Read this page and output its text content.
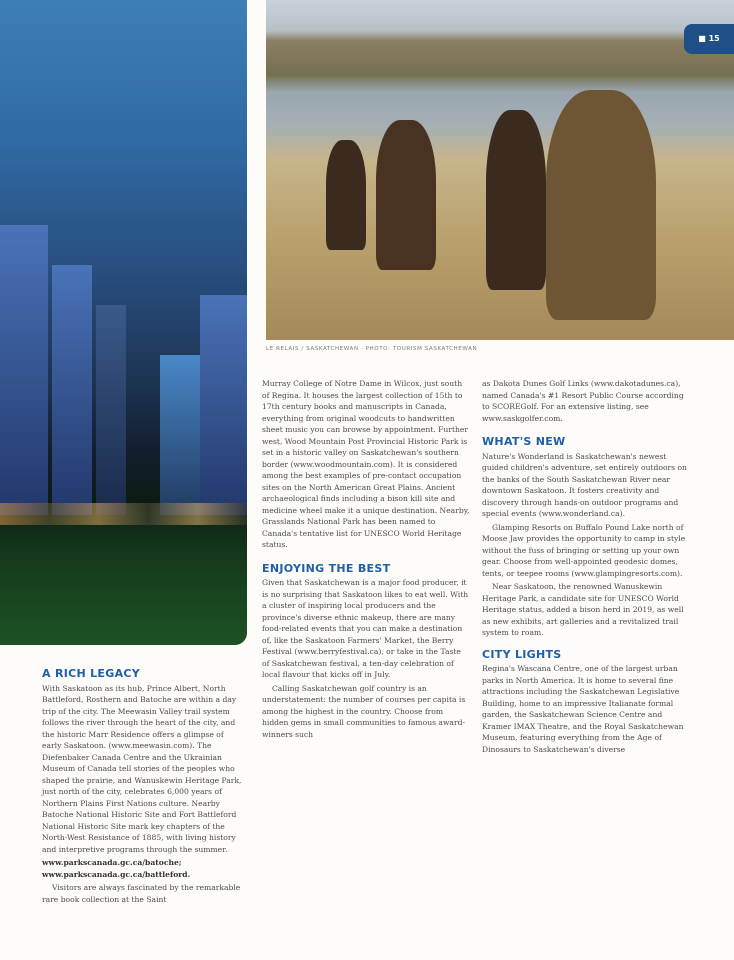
■ 15
LE RELAIS / SASKATCHEWAN · PHOTO: TOURISM SASKATCHEWAN
A RICH LEGACY

With Saskatoon as its hub, Prince Albert, North Battleford, Rosthern and Batoche are within a day trip of the city. The Meewasin Valley trail system follows the river through the heart of the city, and the historic Marr Residence offers a glimpse of early Saskatoon. (www.meewasin.com). The Diefenbaker Canada Centre and the Ukrainian Museum of Canada tell stories of the peoples who shaped the prairie, and Wanuskewin Heritage Park, just north of the city, celebrates 6,000 years of Northern Plains First Nations culture. Nearby Batoche National Historic Site and Fort Battleford National Historic Site mark key chapters of the North-West Resistance of 1885, with living history and interpretive programs through the summer.

www.parkscanada.gc.ca/batoche; www.parkscanada.gc.ca/battleford.

Visitors are always fascinated by the remarkable rare book collection at the Saint

Murray College of Notre Dame in Wilcox, just south of Regina. It houses the largest collection of 15th to 17th century books and manuscripts in Canada, everything from original woodcuts to handwritten sheet music you can browse by appointment. Further west, Wood Mountain Post Provincial Historic Park is set in a historic valley on Saskatchewan's southern border (www.woodmountain.com). It is considered among the best examples of pre-contact occupation sites on the North American Great Plains. Ancient archaeological finds including a bison kill site and medicine wheel make it a unique destination. Nearby, Grasslands National Park has been named to Canada's tentative list for UNESCO World Heritage status.

ENJOYING THE BEST

Given that Saskatchewan is a major food producer, it is no surprising that Saskatoon likes to eat well. With a cluster of inspiring local producers and the province's diverse ethnic makeup, there are many food-related events that you can make a destination of, like the Saskatoon Farmers' Market, the Berry Festival (www.berryfestival.ca), or take in the Taste of Saskatchewan festival, a ten-day celebration of local flavour that kicks off in July.

Calling Saskatchewan golf country is an understatement: the number of courses per capita is among the highest in the country. Choose from hidden gems in small communities to famous award-winners such

as Dakota Dunes Golf Links (www.dakotadunes.ca), named Canada's #1 Resort Public Course according to SCOREGolf. For an extensive listing, see www.saskgolfer.com.

WHAT'S NEW

Nature's Wonderland is Saskatchewan's newest guided children's adventure, set entirely outdoors on the banks of the South Saskatchewan River near downtown Saskatoon. It fosters creativity and discovery through hands-on outdoor programs and special events (www.wonderland.ca).

Glamping Resorts on Buffalo Pound Lake north of Moose Jaw provides the opportunity to camp in style without the fuss of bringing or setting up your own gear. Choose from well-appointed geodesic domes, tents, or teepee rooms (www.glampingresorts.com).

Near Saskatoon, the renowned Wanuskewin Heritage Park, a candidate site for UNESCO World Heritage status, added a bison herd in 2019, as well as new exhibits, art galleries and a revitalized trail system to roam.

CITY LIGHTS

Regina's Wascana Centre, one of the largest urban parks in North America. It is home to several fine attractions including the Saskatchewan Legislative Building, home to an impressive Italianate formal garden, the Saskatchewan Science Centre and Kramer IMAX Theatre, and the Royal Saskatchewan Museum, featuring everything from the Age of Dinosaurs to Saskatchewan's diverse
